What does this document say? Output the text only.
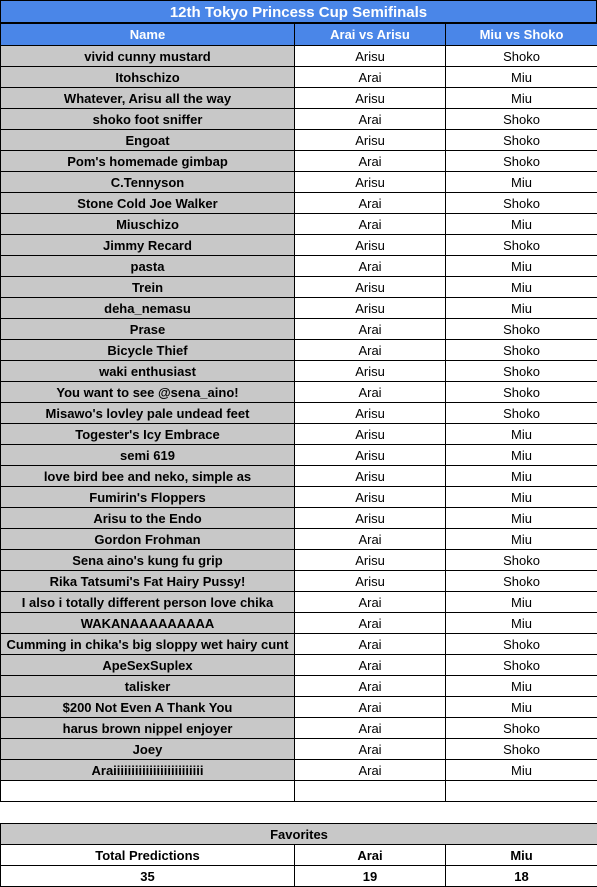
12th Tokyo Princess Cup Semifinals
Name	Arai vs Arisu	Miu vs Shoko
vivid cunny mustard	Arisu	Shoko
Itohschizo	Arai	Miu
Whatever, Arisu all the way	Arisu	Miu
shoko foot sniffer	Arai	Shoko
Engoat	Arisu	Shoko
Pom's homemade gimbap	Arai	Shoko
C.Tennyson	Arisu	Miu
Stone Cold Joe Walker	Arai	Shoko
Miuschizo	Arai	Miu
Jimmy Recard	Arisu	Shoko
pasta	Arai	Miu
Trein	Arisu	Miu
deha_nemasu	Arisu	Miu
Prase	Arai	Shoko
Bicycle Thief	Arai	Shoko
waki enthusiast	Arisu	Shoko
You want to see @sena_aino!	Arai	Shoko
Misawo's lovley pale undead feet	Arisu	Shoko
Togester's Icy Embrace	Arisu	Miu
semi 619	Arisu	Miu
love bird bee and neko, simple as	Arisu	Miu
Fumirin's Floppers	Arisu	Miu
Arisu to the Endo	Arisu	Miu
Gordon Frohman	Arai	Miu
Sena aino's kung fu grip	Arisu	Shoko
Rika Tatsumi's Fat Hairy Pussy!	Arisu	Shoko
I also i totally different person love chika	Arai	Miu
WAKANAAAAAAAAA	Arai	Miu
Cumming in chika's big sloppy wet hairy cunt	Arai	Shoko
ApeSexSuplex	Arai	Shoko
talisker	Arai	Miu
$200 Not Even A Thank You	Arai	Miu
harus brown nippel enjoyer	Arai	Shoko
Joey	Arai	Shoko
Araiiiiiiiiiiiiiiiiiiiiiiiii	Arai	Miu

Favorites		
Total Predictions	Arai	Miu
35	19	18
